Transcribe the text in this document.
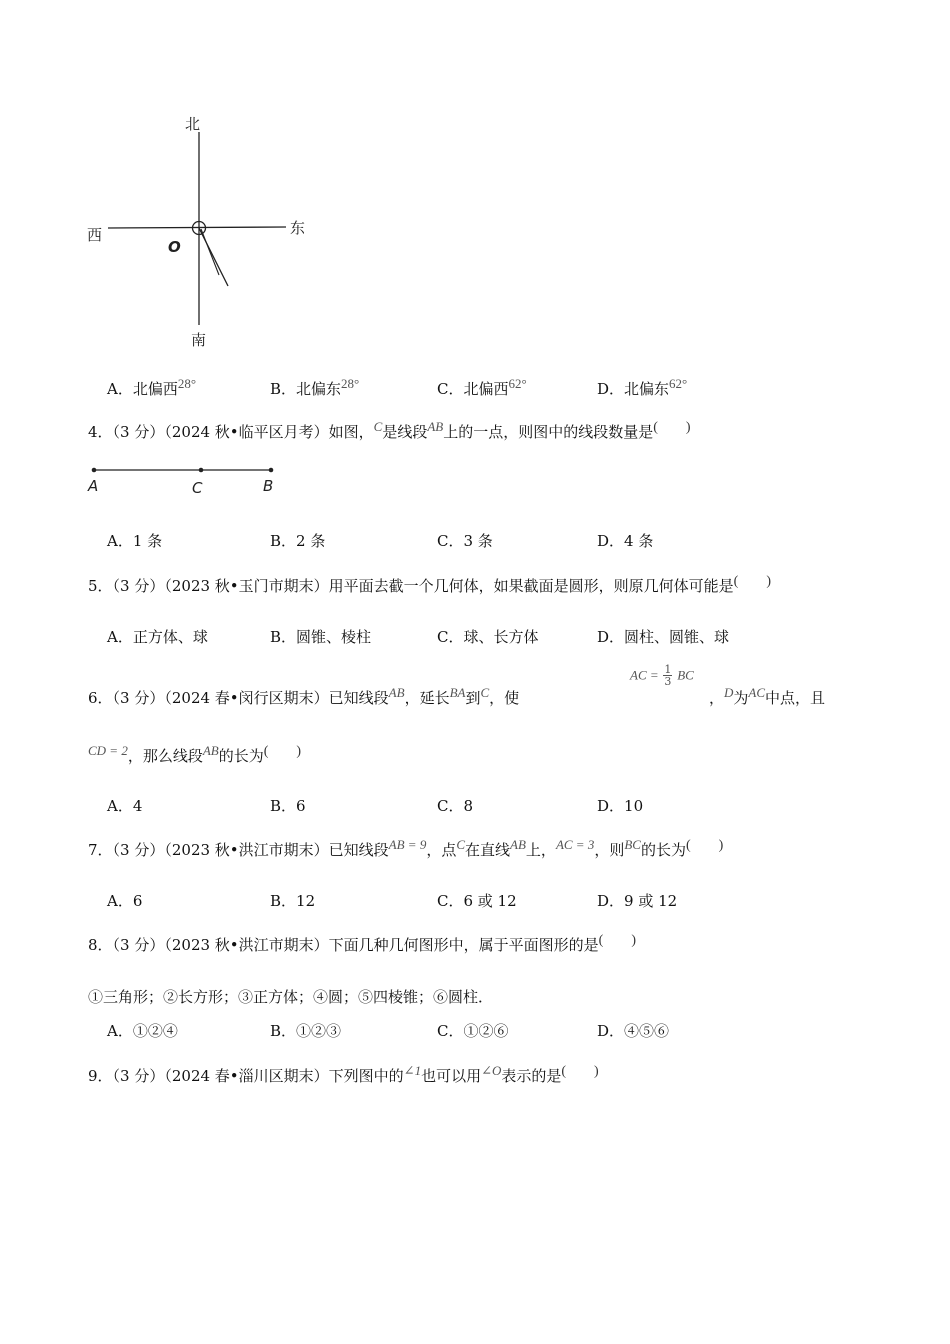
北
南
西	东
O
A．北偏西$^{28^\circ}$	B．北偏东$^{28^\circ}$	C．北偏西$^{62^\circ}$	D．北偏东$^{62^\circ}$
4．（3 分）（2024 秋•临平区月考）如图，$^C$是线段$^{AB}$上的一点，则图中的线段数量是(　　)
A	C	B
A．1 条	B．2 条	C．3 条	D．4 条
5．（3 分）（2023 秋•玉门市期末）用平面去截一个几何体，如果截面是圆形，则原几何体可能是(　　)
A．正方体、球	B．圆锥、棱柱	C．球、长方体	D．圆柱、圆锥、球
6．（3 分）（2024 春•闵行区期末）已知线段$^{AB}$，延长$^{BA}$到$^C$，使
AC = $\frac{1}{3}$ BC
，$^D$为$^{AC}$中点，且
$^{CD = 2}$，那么线段$^{AB}$的长为(　　)
A．4	B．6	C．8	D．10
7．（3 分）（2023 秋•洪江市期末）已知线段$^{AB = 9}$，点$^C$在直线$^{AB}$上，$^{AC = 3}$，则$^{BC}$的长为(　　)
A．6	B．12	C．6 或 12	D．9 或 12
8．（3 分）（2023 秋•洪江市期末）下面几种几何图形中，属于平面图形的是(　　)
①三角形；②长方形；③正方体；④圆；⑤四棱锥；⑥圆柱．
A．①②④	B．①②③	C．①②⑥	D．④⑤⑥
9．（3 分）（2024 春•淄川区期末）下列图中的$^{\angle 1}$也可以用$^{\angle O}$表示的是(　　)
